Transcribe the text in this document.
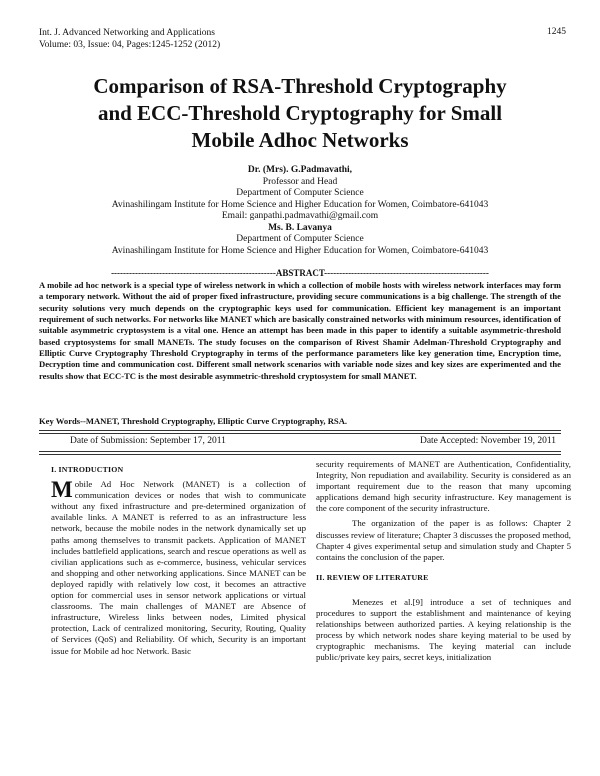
Int. J. Advanced Networking and Applications
Volume: 03, Issue: 04, Pages:1245-1252 (2012)
1245
Comparison of RSA-Threshold Cryptography
and ECC-Threshold Cryptography for Small
Mobile Adhoc Networks
Dr. (Mrs). G.Padmavathi,
Professor and Head
Department of Computer Science
Avinashilingam Institute for Home Science and Higher Education for Women, Coimbatore-641043
Email: ganpathi.padmavathi@gmail.com
Ms. B. Lavanya
Department of Computer Science
Avinashilingam Institute for Home Science and Higher Education for Women, Coimbatore-641043
-------------------------------------------------------ABSTRACT-------------------------------------------------------
A mobile ad hoc network is a special type of wireless network in which a collection of mobile hosts with wireless network interfaces may form a temporary network. Without the aid of proper fixed infrastructure, providing secure communications is a big challenge. The strength of the security solutions very much depends on the cryptographic keys used for communication. Efficient key management is an important requirement of such networks. For networks like MANET which are basically constrained networks with minimum resources, identification of suitable asymmetric cryptosystem is a vital one. Hence an attempt has been made in this paper to identify a suitable asymmetric-threshold based cryptosystems for small MANETs. The study focuses on the comparison of Rivest Shamir Adelman-Threshold Cryptography and Elliptic Curve Cryptography Threshold Cryptography in terms of the performance parameters like key generation time, Encryption time, Decryption time and communication cost. Different small network scenarios with variable node sizes and key sizes are experimented and the results show that ECC-TC is the most desirable asymmetric-threshold cryptosystem for small MANET.
Key Words--MANET, Threshold Cryptography, Elliptic Curve Cryptography, RSA.
Date of Submission: September 17, 2011	Date Accepted: November 19, 2011
I. INTRODUCTION

Mobile Ad Hoc Network (MANET) is a collection of communication devices or nodes that wish to communicate without any fixed infrastructure and pre-determined organization of available links. A MANET is referred to as an infrastructure less network, because the mobile nodes in the network dynamically set up paths among themselves to transmit packets. Application of MANET includes battlefield applications, search and rescue operations as well as civilian applications such as e-commerce, business, vehicular services and shopping and other networking applications. Since MANET can be deployed rapidly with relatively low cost, it becomes an attractive option for commercial uses in sensor network applications or virtual classrooms. The main challenges of MANET are Absence of infrastructure, Wireless links between nodes, Limited physical protection, Lack of centralized monitoring, Security, Routing, Quality of Services (QoS) and Reliability. Of which, Security is an important issue for Mobile ad hoc Network. Basic

security requirements of MANET are Authentication, Confidentiality, Integrity, Non repudiation and availability. Security is considered as an important requirement due to the reason that many upcoming applications demand high security infrastructure. Key management is the core component of the security infrastructure.

The organization of the paper is as follows: Chapter 2 discusses review of literature; Chapter 3 discusses the proposed method, Chapter 4 gives experimental setup and simulation study and Chapter 5 contains the conclusion of the paper.

II. REVIEW OF LITERATURE

Menezes et al.[9] introduce a set of techniques and procedures to support the establishment and maintenance of keying relationships between authorized parties. A keying relationship is the process by which network nodes share keying material to be used by cryptographic mechanisms. The keying material can include public/private key pairs, secret keys, initialization
